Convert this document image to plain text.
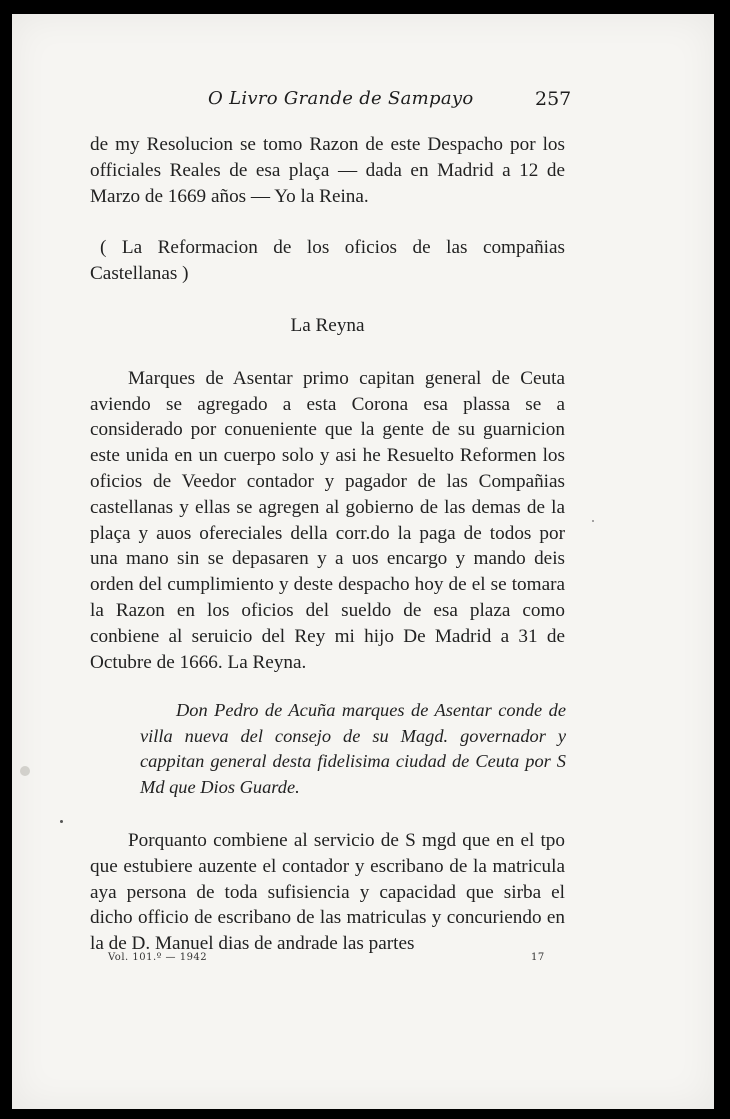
O Livro Grande de Sampayo	257

de my Resolucion se tomo Razon de este Despacho por los officiales Reales de esa plaça — dada en Madrid a 12 de Marzo de 1669 años — Yo la Reina.

( La Reformacion de los oficios de las compañias Castellanas )

La Reyna

Marques de Asentar primo capitan general de Ceuta aviendo se agregado a esta Corona esa plassa se a considerado por conueniente que la gente de su guarnicion este unida en un cuerpo solo y asi he Resuelto Reformen los oficios de Veedor contador y pagador de las Compañias castellanas y ellas se agregen al gobierno de las demas de la plaça y auos ofereciales della corr.do la paga de todos por una mano sin se depasaren y a uos encargo y mando deis orden del cumplimiento y deste despacho hoy de el se tomara la Razon en los oficios del sueldo de esa plaza como conbiene al seruicio del Rey mi hijo De Madrid a 31 de Octubre de 1666. La Reyna.

Don Pedro de Acuña marques de Asentar conde de villa nueva del consejo de su Magd. governador y cappitan general desta fidelisima ciudad de Ceuta por S Md que Dios Guarde.

Porquanto combiene al servicio de S mgd que en el tpo que estubiere auzente el contador y escribano de la matricula aya persona de toda sufisiencia y capacidad que sirba el dicho officio de escribano de las matriculas y concuriendo en la de D. Manuel dias de andrade las partes

Vol. 101.º — 1942	17
